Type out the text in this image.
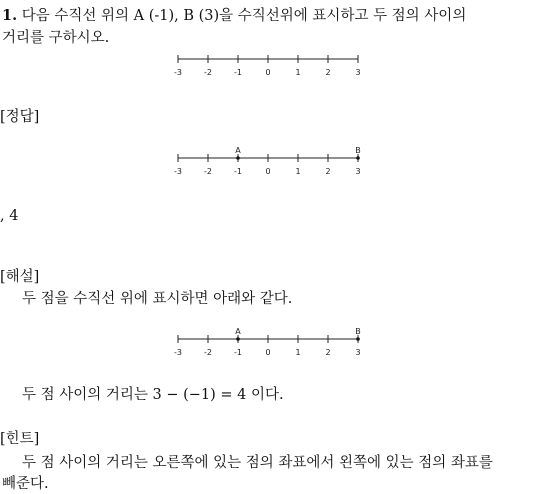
1. 다음 수직선 위의 A (-1), B (3)을 수직선위에 표시하고 두 점의 사이의
거리를 구하시오.
-3	-2	-1	0	1	2	3
[정답]
A	B
-3	-2	-1	0	1	2	3
, 4
[해설]
두 점을 수직선 위에 표시하면 아래와 같다.
A	B
-3	-2	-1	0	1	2	3
두 점 사이의 거리는 3 − (−1) = 4 이다.
[힌트]
두 점 사이의 거리는 오른쪽에 있는 점의 좌표에서 왼쪽에 있는 점의 좌표를
빼준다.
